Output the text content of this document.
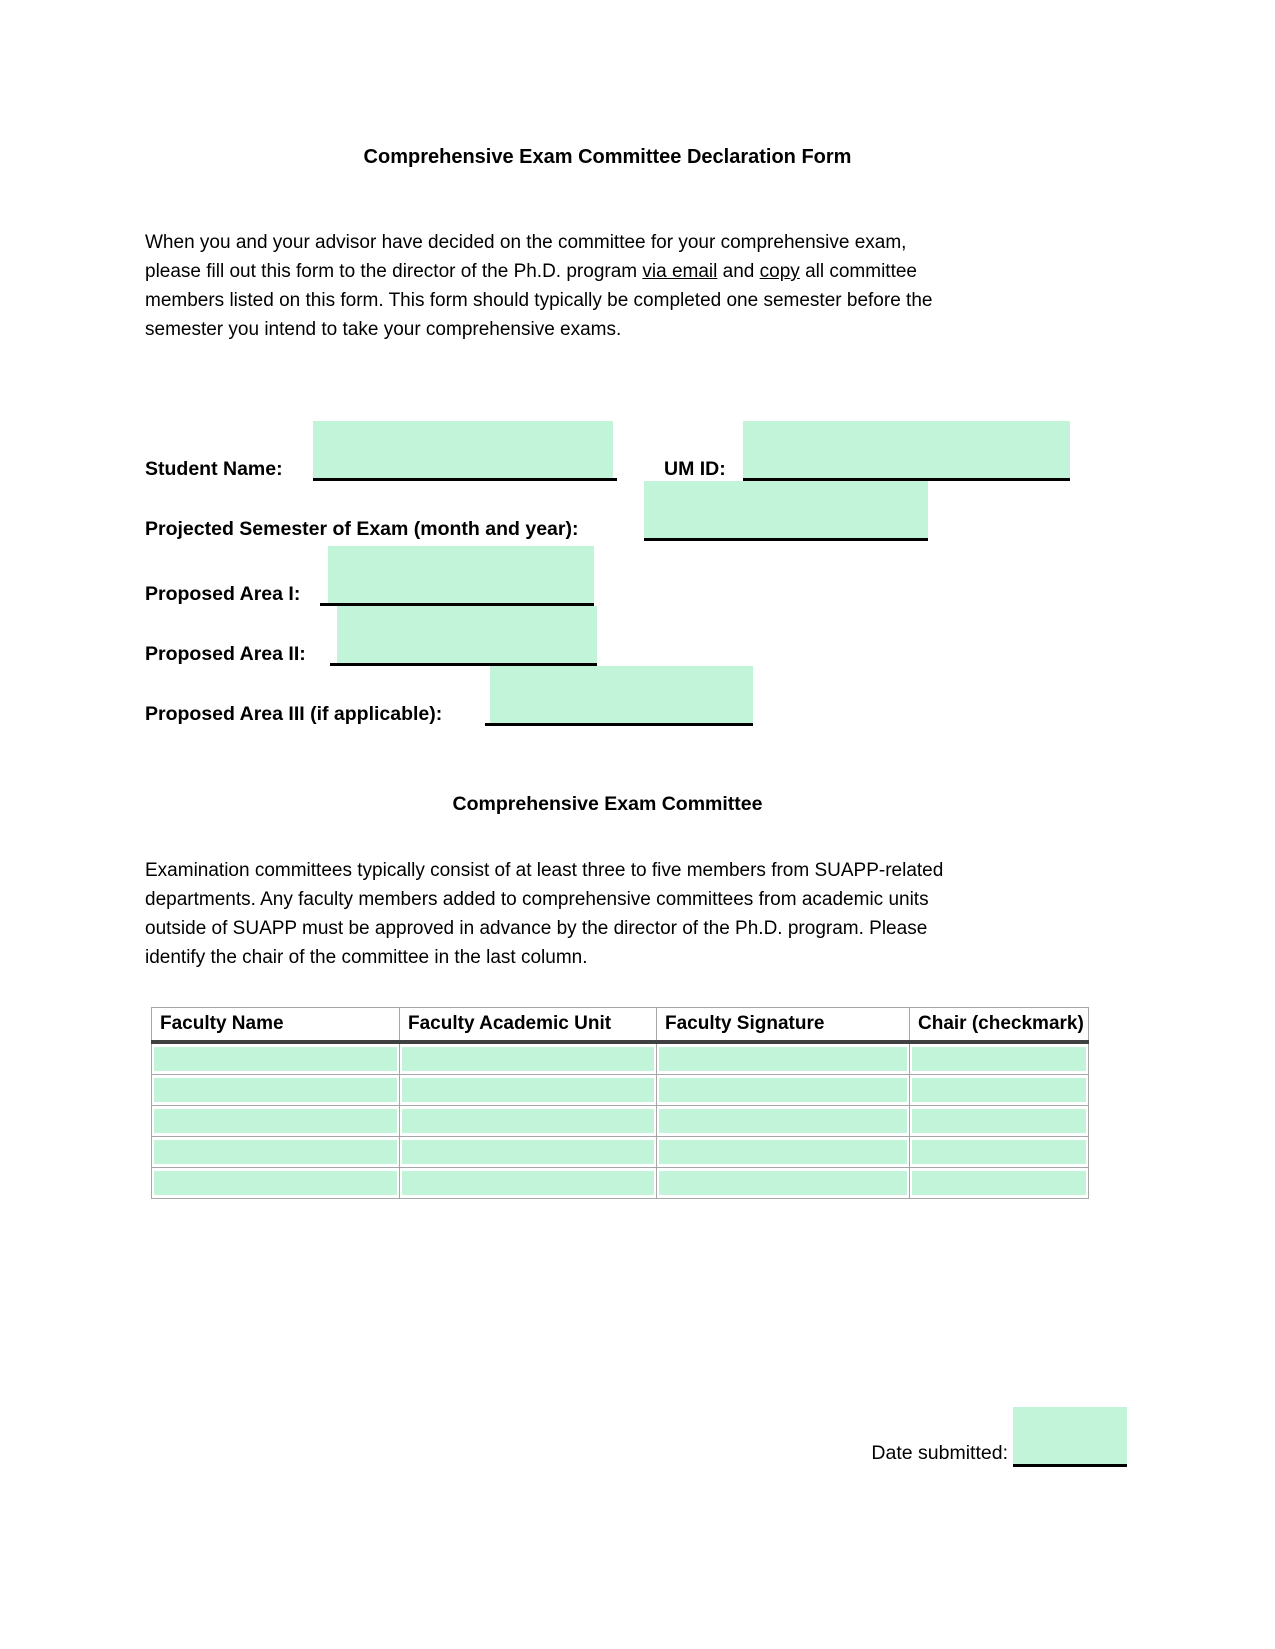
Comprehensive Exam Committee Declaration Form
When you and your advisor have decided on the committee for your comprehensive exam,
please fill out this form to the director of the Ph.D. program via email and copy all committee
members listed on this form. This form should typically be completed one semester before the
semester you intend to take your comprehensive exams.
Student Name:	UM ID:
Projected Semester of Exam (month and year):
Proposed Area I:
Proposed Area II:
Proposed Area III (if applicable):
Comprehensive Exam Committee
Examination committees typically consist of at least three to five members from SUAPP-related
departments. Any faculty members added to comprehensive committees from academic units
outside of SUAPP must be approved in advance by the director of the Ph.D. program. Please
identify the chair of the committee in the last column.
Faculty Name	Faculty Academic Unit	Faculty Signature	Chair (checkmark)

Date submitted:
